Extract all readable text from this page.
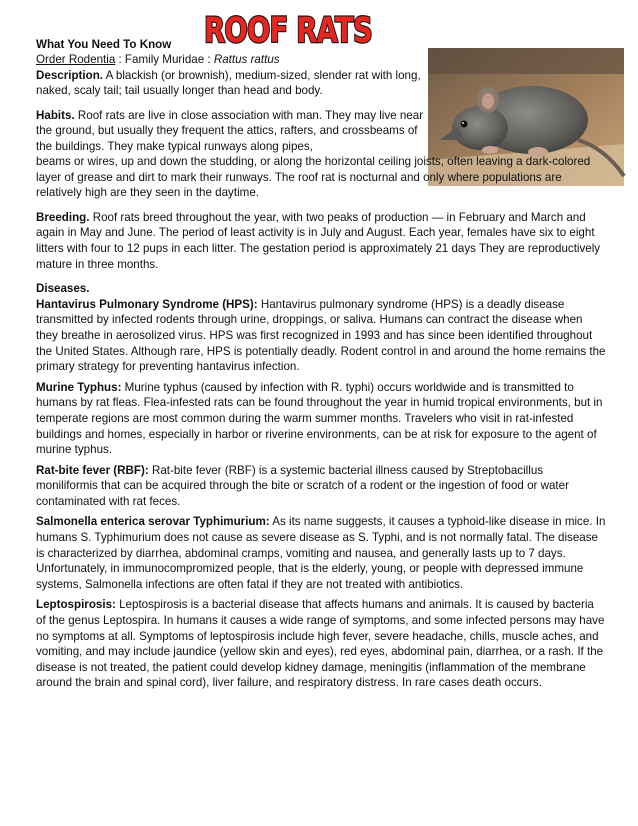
ROOF RATS
What You Need To Know

Order Rodentia : Family Muridae : Rattus rattus

Description. A blackish (or brownish), medium-sized, slender rat with long, naked, scaly tail; tail usually longer than head and body.

Habits. Roof rats are live in close association with man. They may live near the ground, but usually they frequent the attics, rafters, and crossbeams of the buildings. They make typical runways along pipes,

beams or wires, up and down the studding, or along the horizontal ceiling joists, often leaving a dark-colored layer of grease and dirt to mark their runways. The roof rat is nocturnal and only where populations are relatively high are they seen in the daytime.

Breeding. Roof rats breed throughout the year, with two peaks of production — in February and March and again in May and June. The period of least activity is in July and August. Each year, females have six to eight litters with four to 12 pups in each litter. The gestation period is approximately 21 days They are reproductively mature in three months.

Diseases.

Hantavirus Pulmonary Syndrome (HPS): Hantavirus pulmonary syndrome (HPS) is a deadly disease transmitted by infected rodents through urine, droppings, or saliva. Humans can contract the disease when they breathe in aerosolized virus. HPS was first recognized in 1993 and has since been identified throughout the United States. Although rare, HPS is potentially deadly. Rodent control in and around the home remains the primary strategy for preventing hantavirus infection.

Murine Typhus: Murine typhus (caused by infection with R. typhi) occurs worldwide and is transmitted to humans by rat fleas. Flea-infested rats can be found throughout the year in humid tropical environments, but in temperate regions are most common during the warm summer months. Travelers who visit in rat-infested buildings and homes, especially in harbor or riverine environments, can be at risk for exposure to the agent of murine typhus.

Rat-bite fever (RBF): Rat-bite fever (RBF) is a systemic bacterial illness caused by Streptobacillus moniliformis that can be acquired through the bite or scratch of a rodent or the ingestion of food or water contaminated with rat feces.

Salmonella enterica serovar Typhimurium: As its name suggests, it causes a typhoid-like disease in mice. In humans S. Typhimurium does not cause as severe disease as S. Typhi, and is not normally fatal. The disease is characterized by diarrhea, abdominal cramps, vomiting and nausea, and generally lasts up to 7 days. Unfortunately, in immunocompromized people, that is the elderly, young, or people with depressed immune systems, Salmonella infections are often fatal if they are not treated with antibiotics.

Leptospirosis: Leptospirosis is a bacterial disease that affects humans and animals. It is caused by bacteria of the genus Leptospira. In humans it causes a wide range of symptoms, and some infected persons may have no symptoms at all. Symptoms of leptospirosis include high fever, severe headache, chills, muscle aches, and vomiting, and may include jaundice (yellow skin and eyes), red eyes, abdominal pain, diarrhea, or a rash. If the disease is not treated, the patient could develop kidney damage, meningitis (inflammation of the membrane around the brain and spinal cord), liver failure, and respiratory distress. In rare cases death occurs.
